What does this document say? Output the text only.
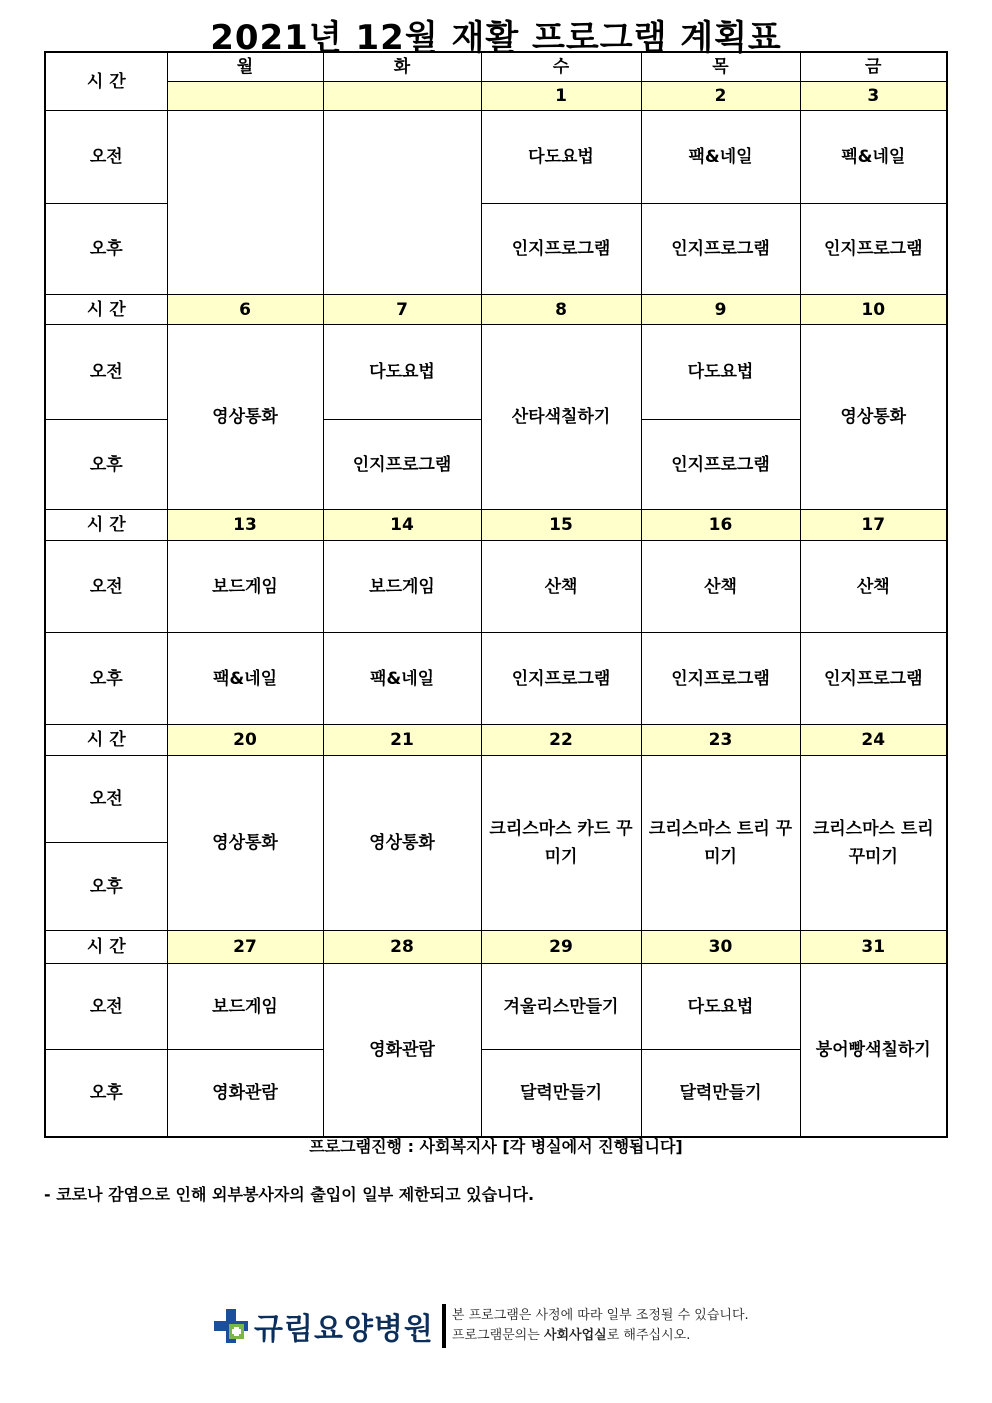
2021년 12월 재활 프로그램 계획표
시 간	월	화	수	목	금
			1	2	3
오전			다도요법	팩&네일	펙&네일
오후			인지프로그램	인지프로그램	인지프로그램
시 간	6	7	8	9	10
오전	영상통화	다도요법	산타색칠하기	다도요법	영상통화
오후		인지프로그램		인지프로그램	
시 간	13	14	15	16	17
오전	보드게임	보드게임	산책	산책	산책
오후	팩&네일	팩&네일	인지프로그램	인지프로그램	인지프로그램
시 간	20	21	22	23	24
오전	영상통화	영상통화	크리스마스 카드 꾸미기	크리스마스 트리 꾸미기	크리스마스 트리 꾸미기
오후					
시 간	27	28	29	30	31
오전	보드게임	영화관람	겨울리스만들기	다도요법	붕어빵색칠하기
오후	영화관람		달력만들기	달력만들기	
프로그램진행 : 사회복지사 [각 병실에서 진행됩니다]
- 코로나 감염으로 인해 외부봉사자의 출입이 일부 제한되고 있습니다.
규림요양병원 본 프로그램은 사정에 따라 일부 조정될 수 있습니다.
프로그램문의는 사회사업실로 해주십시오.
